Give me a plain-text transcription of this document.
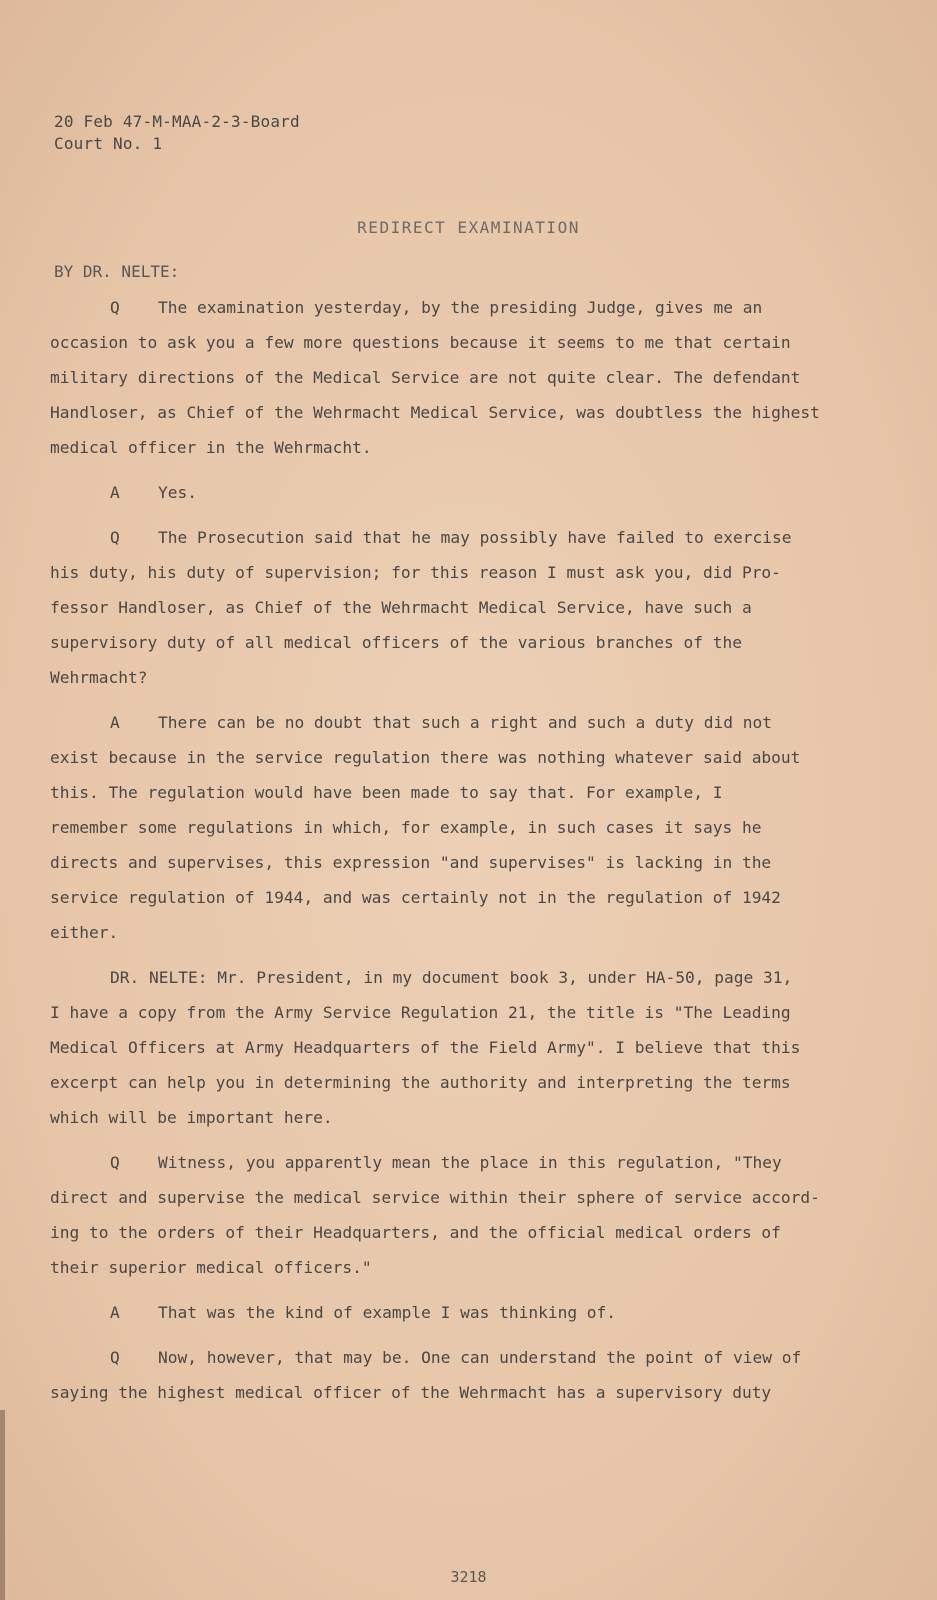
20 Feb 47-M-MAA-2-3-Board
Court No. 1
REDIRECT EXAMINATION
BY DR. NELTE:
Q The examination yesterday, by the presiding Judge, gives me an
occasion to ask you a few more questions because it seems to me that certain
military directions of the Medical Service are not quite clear. The defendant
Handloser, as Chief of the Wehrmacht Medical Service, was doubtless the highest
medical officer in the Wehrmacht.
A Yes.
Q The Prosecution said that he may possibly have failed to exercise
his duty, his duty of supervision; for this reason I must ask you, did Pro-
fessor Handloser, as Chief of the Wehrmacht Medical Service, have such a
supervisory duty of all medical officers of the various branches of the
Wehrmacht?
A There can be no doubt that such a right and such a duty did not
exist because in the service regulation there was nothing whatever said about
this. The regulation would have been made to say that. For example, I
remember some regulations in which, for example, in such cases it says he
directs and supervises, this expression "and supervises" is lacking in the
service regulation of 1944, and was certainly not in the regulation of 1942
either.
DR. NELTE: Mr. President, in my document book 3, under HA-50, page 31,
I have a copy from the Army Service Regulation 21, the title is "The Leading
Medical Officers at Army Headquarters of the Field Army". I believe that this
excerpt can help you in determining the authority and interpreting the terms
which will be important here.
Q Witness, you apparently mean the place in this regulation, "They
direct and supervise the medical service within their sphere of service accord-
ing to the orders of their Headquarters, and the official medical orders of
their superior medical officers."
A That was the kind of example I was thinking of.
Q Now, however, that may be. One can understand the point of view of
saying the highest medical officer of the Wehrmacht has a supervisory duty
3218
